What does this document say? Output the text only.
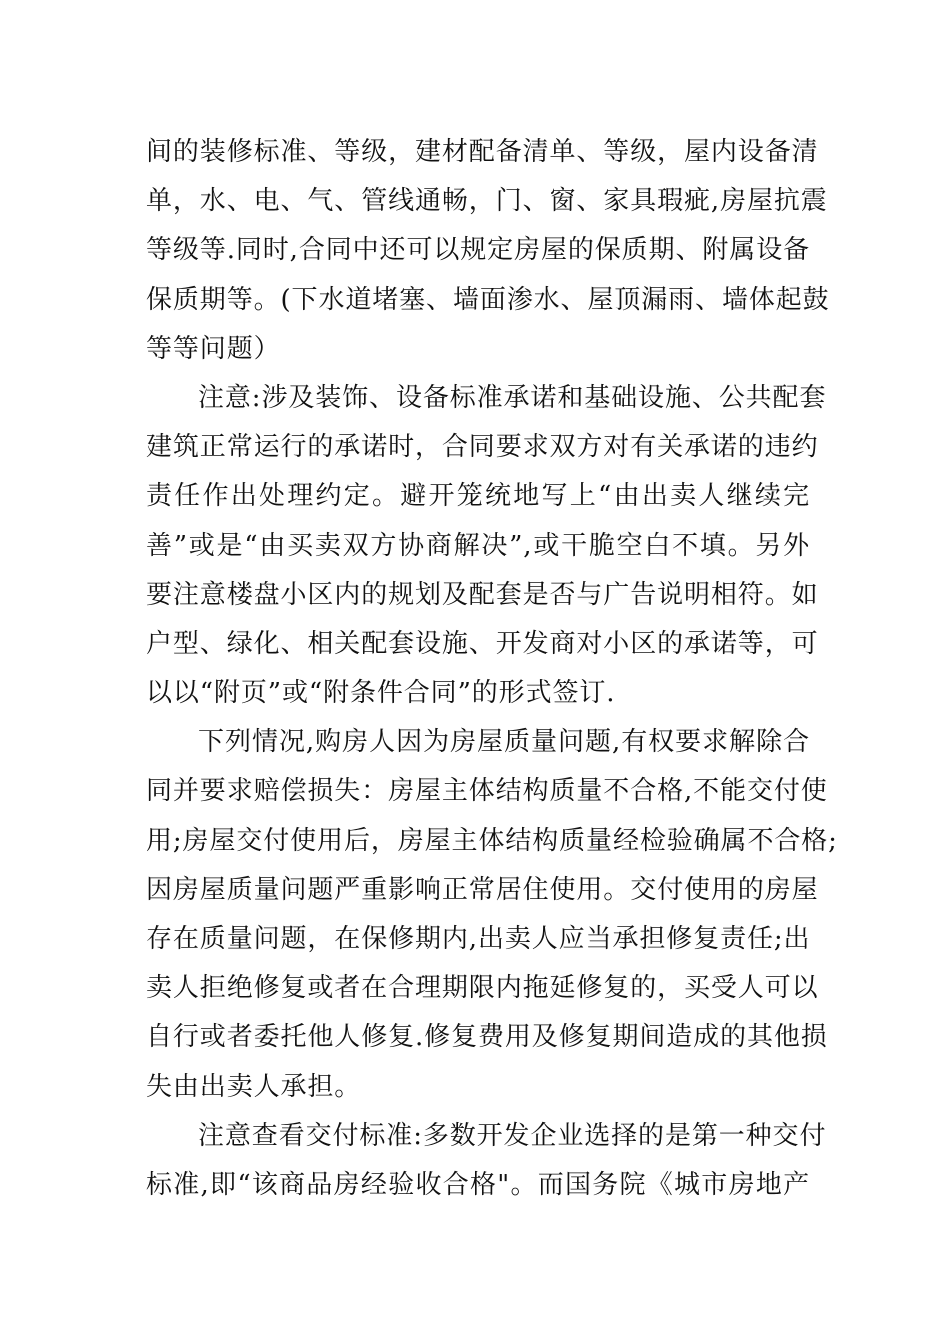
间的装修标准、等级，建材配备清单、等级，屋内设备清
单，水、电、气、管线通畅，门、窗、家具瑕疵,房屋抗震
等级等.同时,合同中还可以规定房屋的保质期、附属设备
保质期等。(下水道堵塞、墙面渗水、屋顶漏雨、墙体起鼓
等等问题）
注意:涉及装饰、设备标准承诺和基础设施、公共配套
建筑正常运行的承诺时，合同要求双方对有关承诺的违约
责任作出处理约定。避开笼统地写上“由出卖人继续完
善”或是“由买卖双方协商解决”,或干脆空白不填。另外
要注意楼盘小区内的规划及配套是否与广告说明相符。如
户型、绿化、相关配套设施、开发商对小区的承诺等，可
以以“附页”或“附条件合同”的形式签订.
下列情况,购房人因为房屋质量问题,有权要求解除合
同并要求赔偿损失：房屋主体结构质量不合格,不能交付使
用;房屋交付使用后，房屋主体结构质量经检验确属不合格;
因房屋质量问题严重影响正常居住使用。交付使用的房屋
存在质量问题，在保修期内,出卖人应当承担修复责任;出
卖人拒绝修复或者在合理期限内拖延修复的，买受人可以
自行或者委托他人修复.修复费用及修复期间造成的其他损
失由出卖人承担。
注意查看交付标准:多数开发企业选择的是第一种交付
标准,即“该商品房经验收合格"。而国务院《城市房地产
